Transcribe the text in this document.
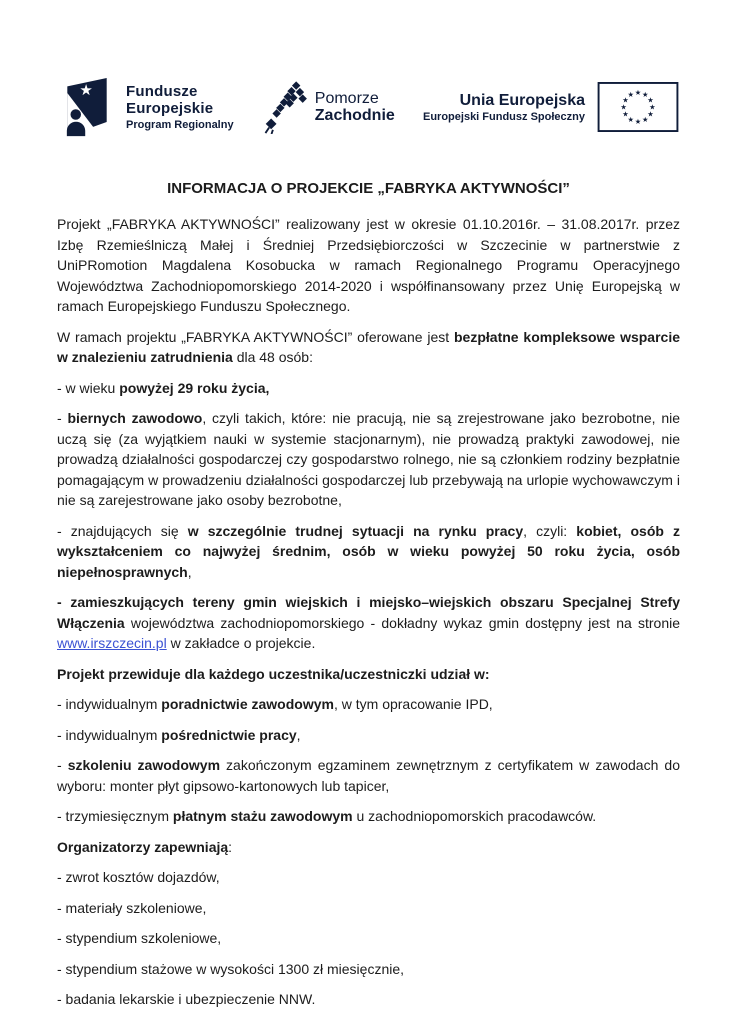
★ Fundusze
Europejskie
Program Regionalny
Pomorze
Zachodnie
Unia Europejska
Europejski Fundusz Społeczny
★ ★
★
★
★
★
★
★
★
★
★
★
INFORMACJA O PROJEKCIE „FABRYKA AKTYWNOŚCI”

Projekt „FABRYKA AKTYWNOŚCI” realizowany jest w okresie 01.10.2016r. – 31.08.2017r. przez Izbę Rzemieślniczą Małej i Średniej Przedsiębiorczości w Szczecinie w partnerstwie z UniPRomotion Magdalena Kosobucka w ramach Regionalnego Programu Operacyjnego Województwa Zachodniopomorskiego 2014-2020 i współfinansowany przez Unię Europejską w ramach Europejskiego Funduszu Społecznego.

W ramach projektu „FABRYKA AKTYWNOŚCI” oferowane jest bezpłatne kompleksowe wsparcie w znalezieniu zatrudnienia dla 48 osób:

- w wieku powyżej 29 roku życia,

- biernych zawodowo, czyli takich, które: nie pracują, nie są zrejestrowane jako bezrobotne, nie uczą się (za wyjątkiem nauki w systemie stacjonarnym), nie prowadzą praktyki zawodowej, nie prowadzą działalności gospodarczej czy gospodarstwo rolnego, nie są członkiem rodziny bezpłatnie pomagającym w prowadzeniu działalności gospodarczej lub przebywają na urlopie wychowawczym i nie są zarejestrowane jako osoby bezrobotne,

- znajdujących się w szczególnie trudnej sytuacji na rynku pracy, czyli: kobiet, osób z wykształceniem co najwyżej średnim, osób w wieku powyżej 50 roku życia, osób niepełnosprawnych,

- zamieszkujących tereny gmin wiejskich i miejsko–wiejskich obszaru Specjalnej Strefy Włączenia województwa zachodniopomorskiego - dokładny wykaz gmin dostępny jest na stronie www.irszczecin.pl w zakładce o projekcie.

Projekt przewiduje dla każdego uczestnika/uczestniczki udział w:

- indywidualnym poradnictwie zawodowym, w tym opracowanie IPD,

- indywidualnym pośrednictwie pracy,

- szkoleniu zawodowym zakończonym egzaminem zewnętrznym z certyfikatem w zawodach do wyboru: monter płyt gipsowo-kartonowych lub tapicer,

- trzymiesięcznym płatnym stażu zawodowym u zachodniopomorskich pracodawców.

Organizatorzy zapewniają:

- zwrot kosztów dojazdów,

- materiały szkoleniowe,

- stypendium szkoleniowe,

- stypendium stażowe w wysokości 1300 zł miesięcznie,

- badania lekarskie i ubezpieczenie NNW.
